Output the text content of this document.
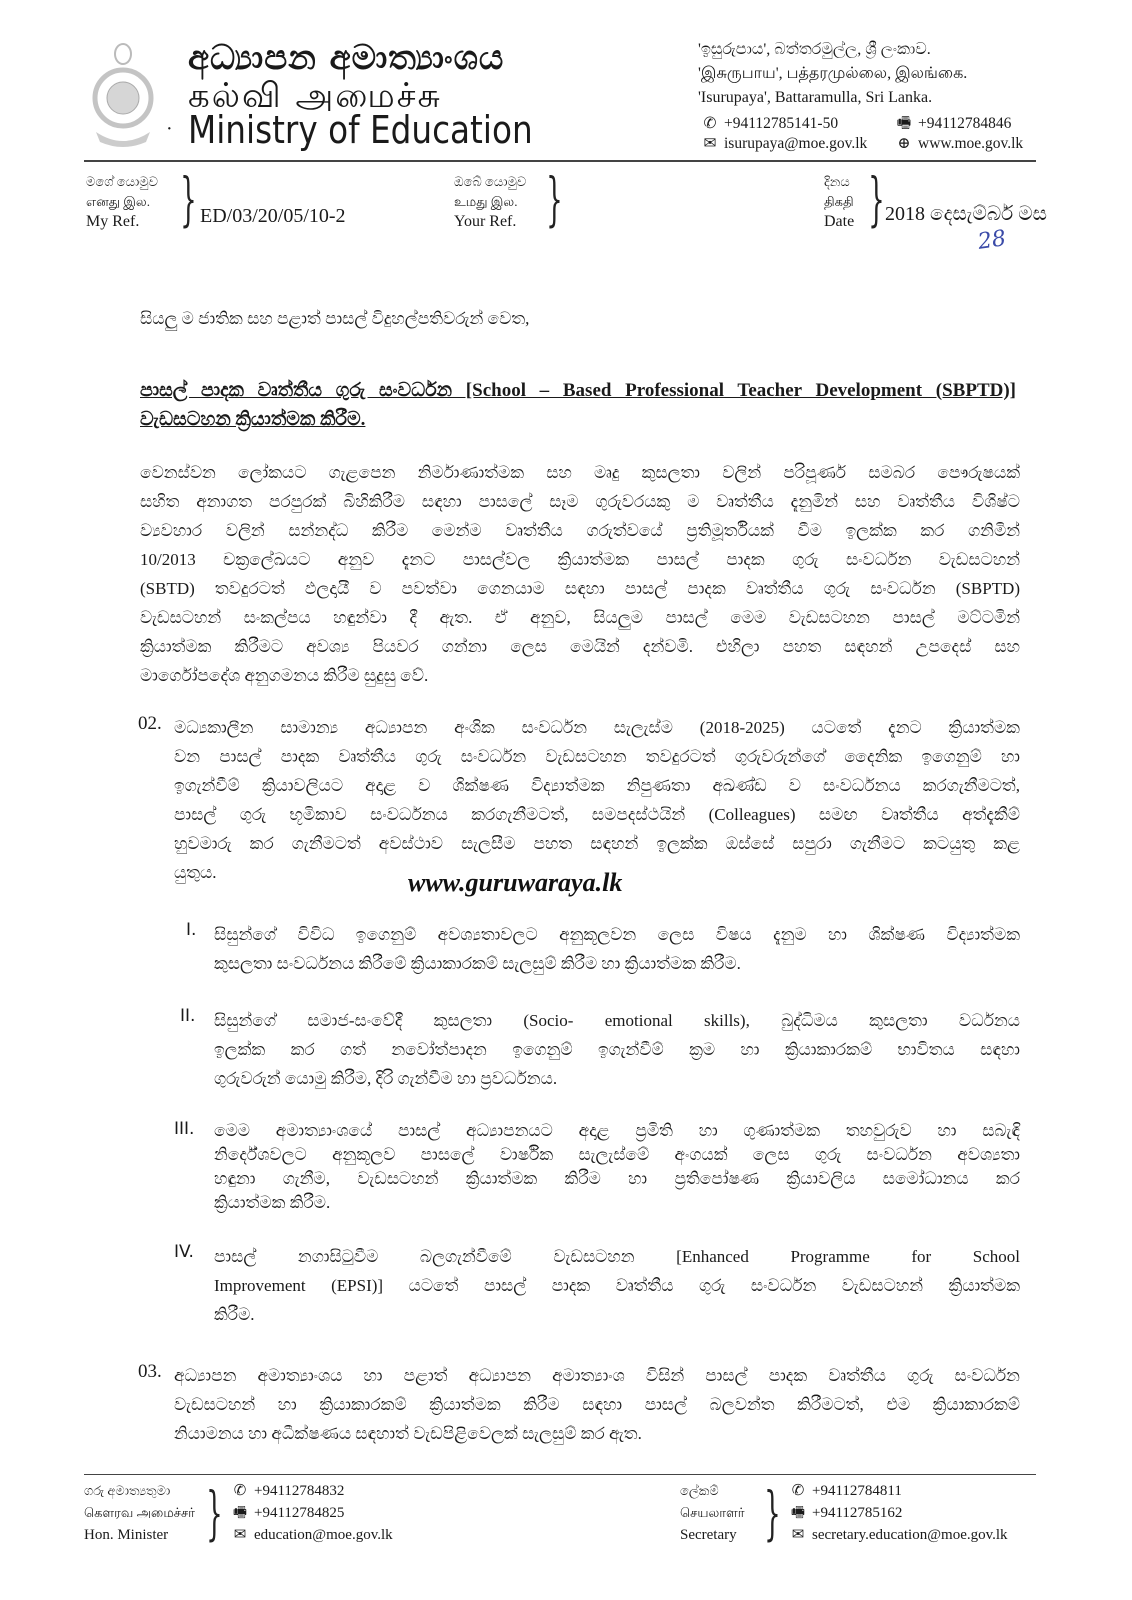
අධ්‍යාපන අමාත්‍යාංශය
கல்வி அமைச்சு
· Ministry of Education
'ඉසුරුපාය', බත්තරමුල්ල, ශ්‍රී ලංකාව.
'இசுருபாய', பத்தரமுல்லை, இலங்கை.
'Isurupaya', Battaramulla, Sri Lanka.
✆ +94112785141-50	🖷 +94112784846
✉ isurupaya@moe.gov.lk ⊕ www.moe.gov.lk
මගේ යොමුව
எனது இல.
My Ref. } ED/03/20/05/10-2
ඔබේ යොමුව
உமது இல.
Your Ref. }	දිනය
திகதி
Date } 2018 දෙසැම්බර් මස
28
සියලු ම ජාතික සහ පළාත් පාසල් විදුහල්පතිවරුන් වෙත,
පාසල් පාදක වෘත්තීය ගුරු සංවර්ධන [School – Based Professional Teacher Development (SBPTD)]
වැඩසටහන ක්‍රියාත්මක කිරීම.
වෙනස්වන ලෝකයට ගැළපෙන නිර්මාණාත්මක සහ මෘදු කුසලතා වලින් පරිපූර්ණ සමබර පෞරුෂයක්
සහිත අනාගත පරපුරක් බිහිකිරීම සඳහා පාසලේ සෑම ගුරුවරයකු ම වෘත්තීය දැනුමින් සහ වෘත්තීය විශිෂ්ට
ව්‍යවහාර වලින් සන්නද්ධ කිරීම මෙන්ම වෘත්තීය ගරුත්වයේ ප්‍රතිමූර්තියක් වීම ඉලක්ක කර ගනිමින්
10/2013 චක්‍රලේඛයට අනුව දැනට පාසල්වල ක්‍රියාත්මක පාසල් පාදක ගුරු සංවර්ධන වැඩසටහන්
(SBTD) තවදුරටත් ඵලදායී ව පවත්වා ගෙනයාම සඳහා පාසල් පාදක වෘත්තීය ගුරු සංවර්ධන (SBPTD)
වැඩසටහන් සංකල්පය හඳුන්වා දී ඇත. ඒ අනුව, සියලුම පාසල් මෙම වැඩසටහන පාසල් මට්ටමින්
ක්‍රියාත්මක කිරීමට අවශ්‍ය පියවර ගන්නා ලෙස මෙයින් දන්වමි. එහිලා පහත සඳහන් උපදෙස් සහ
මාර්ගෝපදේශ අනුගමනය කිරීම සුදුසු වේ.
02. මධ්‍යකාලීන සාමාන්‍ය අධ්‍යාපන අංශික සංවර්ධන සැලැස්ම (2018-2025) යටතේ දැනට ක්‍රියාත්මක
වන පාසල් පාදක වෘත්තීය ගුරු සංවර්ධන වැඩසටහන තවදුරටත් ගුරුවරුන්ගේ දෛනික ඉගෙනුම් හා
ඉගැන්වීම් ක්‍රියාවලියට අදාළ ව ශික්ෂණ විද්‍යාත්මක නිපුණතා අඛණ්ඩ ව සංවර්ධනය කරගැනීමටත්,
පාසල් ගුරු භූමිකාව සංවර්ධනය කරගැනීමටත්, සමපදස්ථයින් (Colleagues) සමඟ වෘත්තීය අත්දැකීම්
හුවමාරු කර ගැනීමටත් අවස්ථාව සැලසීම පහත සඳහන් ඉලක්ක ඔස්සේ සපුරා ගැනීමට කටයුතු කළ
යුතුය.	www.guruwaraya.lk
I. සිසුන්ගේ විවිධ ඉගෙනුම් අවශ්‍යතාවලට අනුකූලවන ලෙස විෂය දැනුම හා ශික්ෂණ විද්‍යාත්මක
කුසලතා සංවර්ධනය කිරීමේ ක්‍රියාකාරකම් සැලසුම් කිරීම හා ක්‍රියාත්මක කිරීම.
II. සිසුන්ගේ සමාජ-සංවේදී කුසලතා (Socio- emotional skills), බුද්ධිමය කුසලතා වර්ධනය
ඉලක්ක කර ගත් නවෝත්පාදන ඉගෙනුම් ඉගැන්වීම් ක්‍රම හා ක්‍රියාකාරකම් භාවිතය සඳහා
ගුරුවරුන් යොමු කිරීම, දිරි ගැන්වීම හා ප්‍රවර්ධනය.
III. මෙම අමාත්‍යාංශයේ පාසල් අධ්‍යාපනයට අදාළ ප්‍රමිති හා ගුණාත්මක තහවුරුව හා සබැඳි
නිර්දේශවලට අනුකූලව පාසලේ වාර්ෂික සැලැස්මේ අංගයක් ලෙස ගුරු සංවර්ධන අවශ්‍යතා
හඳුනා ගැනීම, වැඩසටහන් ක්‍රියාත්මක කිරීම හා ප්‍රතිපෝෂණ ක්‍රියාවලිය සමෝධානය කර
ක්‍රියාත්මක කිරීම.
IV. පාසල් නගාසිටුවීම බලගැන්වීමේ වැඩසටහන [Enhanced Programme for School
Improvement (EPSI)] යටතේ පාසල් පාදක වෘත්තීය ගුරු සංවර්ධන වැඩසටහන් ක්‍රියාත්මක
කිරීම.
03. අධ්‍යාපන අමාත්‍යාංශය හා පළාත් අධ්‍යාපන අමාත්‍යාංශ විසින් පාසල් පාදක වෘත්තීය ගුරු සංවර්ධන
වැඩසටහන් හා ක්‍රියාකාරකම් ක්‍රියාත්මක කිරීම සඳහා පාසල් බලවන්ත කිරීමටත්, එම ක්‍රියාකාරකම්
නියාමනය හා අධීක්ෂණය සඳහාත් වැඩපිළිවෙලක් සැලසුම් කර ඇත.
ගරු අමාත්‍යතුමා
கௌரவ அமைச்சர்
Hon. Minister } ✆ +94112784832
🖷 +94112784825
✉ education@moe.gov.lk
ලේකම්
செயலாளர்
Secretary } ✆ +94112784811
🖷 +94112785162
✉ secretary.education@moe.gov.lk
